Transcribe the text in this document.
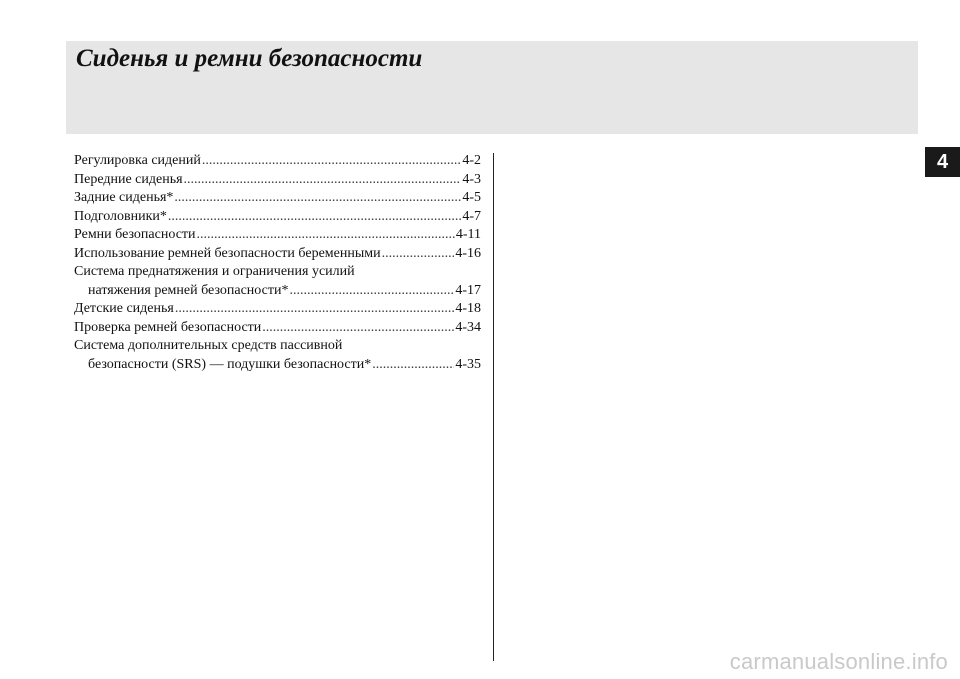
Сиденья и ремни безопасности
Регулировка сидений .....	4-2
Передние сиденья .....	4-3
Задние сиденья* .....	4-5
Подголовники* .....	4-7
Ремни безопасности .....	4-11
Использование ремней безопасности беременными .....	4-16
Система преднатяжения и ограничения усилий
натяжения ремней безопасности* .....	4-17
Детские сиденья .....	4-18
Проверка ремней безопасности .....	4-34
Система дополнительных средств пассивной
безопасности (SRS) — подушки безопасности* .....	4-35
4
carmanualsonline.info
